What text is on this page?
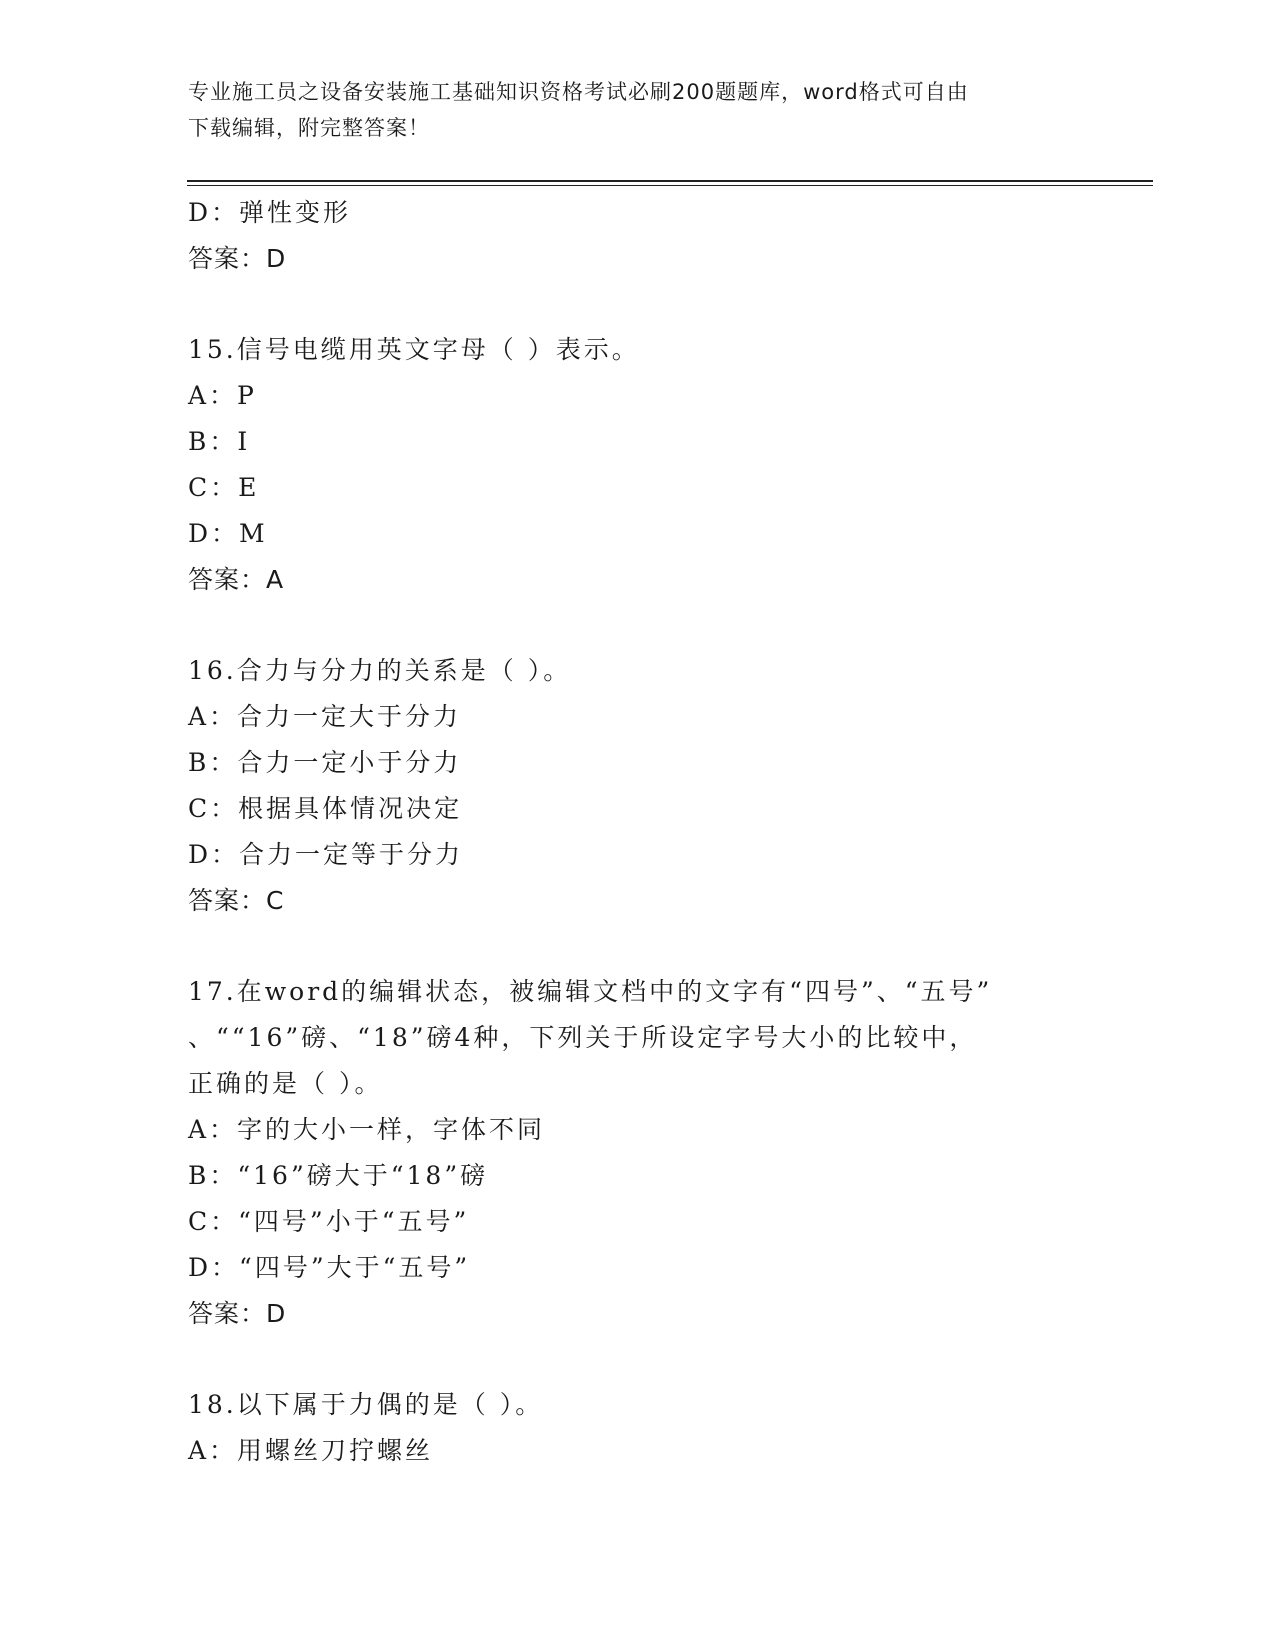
专业施工员之设备安装施工基础知识资格考试必刷200题题库，word格式可自由
下载编辑，附完整答案！
D：弹性变形
答案：D
15.信号电缆用英文字母（ ）表示。
A：P
B：I
C：E
D：M
答案：A
16.合力与分力的关系是（ ）。
A：合力一定大于分力
B：合力一定小于分力
C：根据具体情况决定
D：合力一定等于分力
答案：C
17.在word的编辑状态，被编辑文档中的文字有“四号”、“五号”
、““16”磅、“18”磅4种，下列关于所设定字号大小的比较中，
正确的是（ ）。
A：字的大小一样，字体不同
B：“16”磅大于“18”磅
C：“四号”小于“五号”
D：“四号”大于“五号”
答案：D
18.以下属于力偶的是（ ）。
A：用螺丝刀拧螺丝
